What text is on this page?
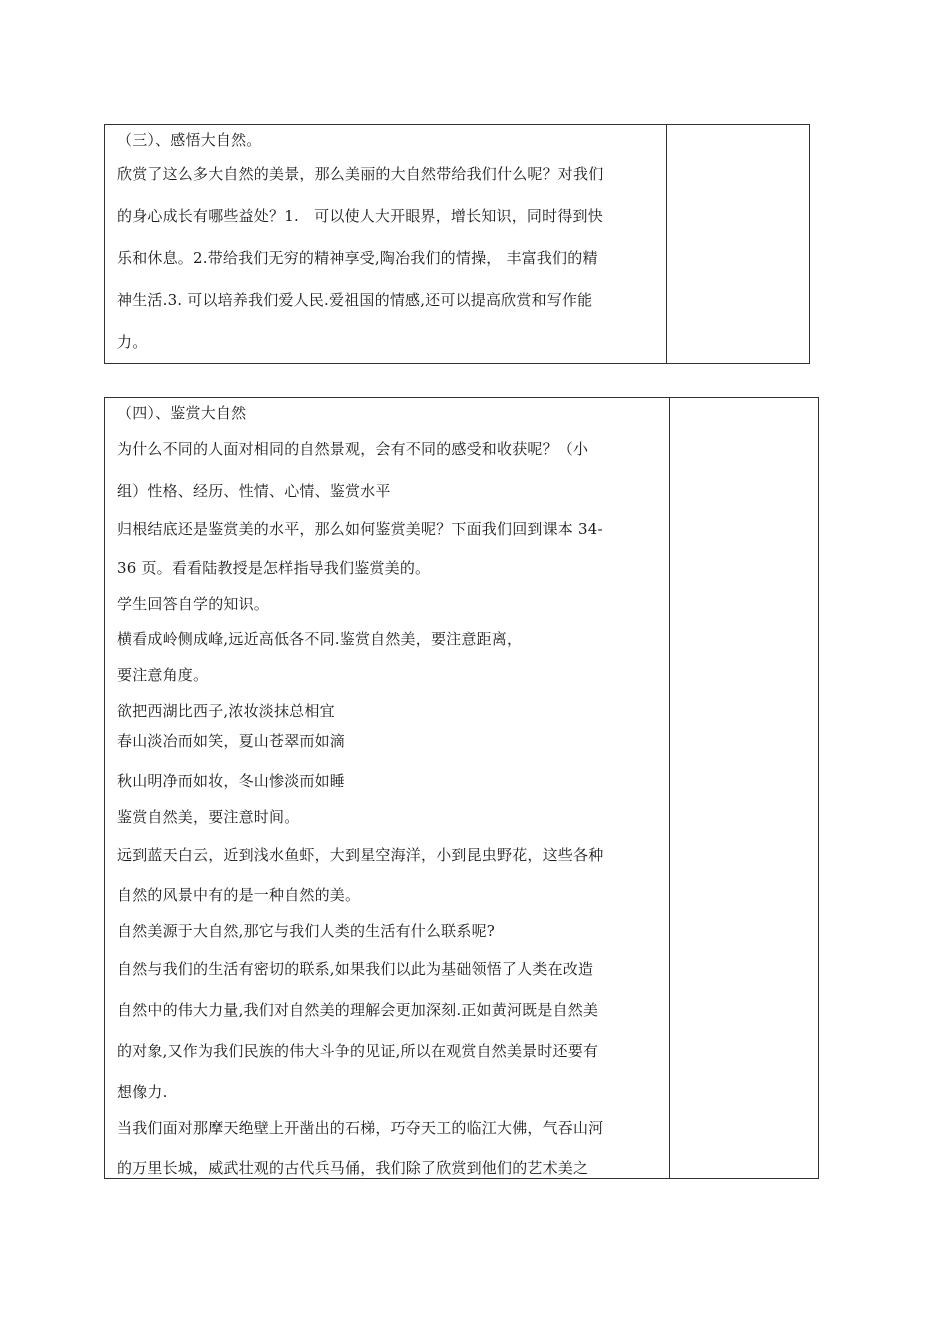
（三）、感悟大自然。
欣赏了这么多大自然的美景，那么美丽的大自然带给我们什么呢？对我们
的身心成长有哪些益处？1.　可以使人大开眼界，增长知识，同时得到快
乐和休息。2.带给我们无穷的精神享受,陶冶我们的情操， 丰富我们的精
神生活.3. 可以培养我们爱人民.爱祖国的情感,还可以提高欣赏和写作能
力。
（四）、鉴赏大自然
为什么不同的人面对相同的自然景观，会有不同的感受和收获呢？（小
组）性格、经历、性情、心情、鉴赏水平
归根结底还是鉴赏美的水平，那么如何鉴赏美呢？下面我们回到课本 34-
36 页。看看陆教授是怎样指导我们鉴赏美的。
学生回答自学的知识。
横看成岭侧成峰,远近高低各不同.鉴赏自然美，要注意距离，
要注意角度。
欲把西湖比西子,浓妆淡抹总相宜
春山淡冶而如笑，夏山苍翠而如滴
秋山明净而如妆，冬山惨淡而如睡
鉴赏自然美，要注意时间。
远到蓝天白云，近到浅水鱼虾，大到星空海洋，小到昆虫野花，这些各种
自然的风景中有的是一种自然的美。
自然美源于大自然,那它与我们人类的生活有什么联系呢?
自然与我们的生活有密切的联系,如果我们以此为基础领悟了人类在改造
自然中的伟大力量,我们对自然美的理解会更加深刻.正如黄河既是自然美
的对象,又作为我们民族的伟大斗争的见证,所以在观赏自然美景时还要有
想像力.
当我们面对那摩天绝壁上开凿出的石梯，巧夺天工的临江大佛，气吞山河
的万里长城，威武壮观的古代兵马俑，我们除了欣赏到他们的艺术美之
